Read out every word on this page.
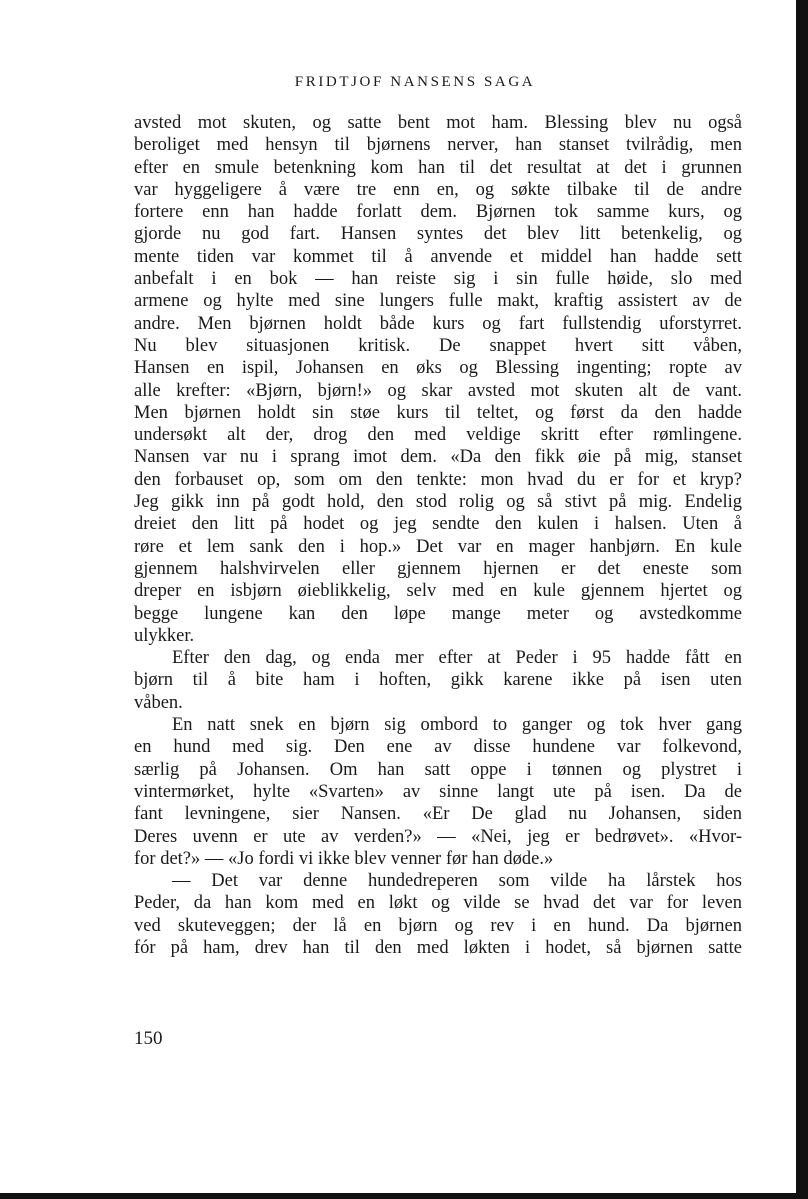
FRIDTJOF NANSENS SAGA
avsted mot skuten, og satte bent mot ham. Blessing blev nu også
beroliget med hensyn til bjørnens nerver, han stanset tvilrådig, men
efter en smule betenkning kom han til det resultat at det i grunnen
var hyggeligere å være tre enn en, og søkte tilbake til de andre
fortere enn han hadde forlatt dem. Bjørnen tok samme kurs, og
gjorde nu god fart. Hansen syntes det blev litt betenkelig, og
mente tiden var kommet til å anvende et middel han hadde sett
anbefalt i en bok — han reiste sig i sin fulle høide, slo med
armene og hylte med sine lungers fulle makt, kraftig assistert av de
andre. Men bjørnen holdt både kurs og fart fullstendig uforstyrret.
Nu blev situasjonen kritisk. De snappet hvert sitt våben,
Hansen en ispil, Johansen en øks og Blessing ingenting; ropte av
alle krefter: «Bjørn, bjørn!» og skar avsted mot skuten alt de vant.
Men bjørnen holdt sin støe kurs til teltet, og først da den hadde
undersøkt alt der, drog den med veldige skritt efter rømlingene.
Nansen var nu i sprang imot dem. «Da den fikk øie på mig, stanset
den forbauset op, som om den tenkte: mon hvad du er for et kryp?
Jeg gikk inn på godt hold, den stod rolig og så stivt på mig. Endelig
dreiet den litt på hodet og jeg sendte den kulen i halsen. Uten å
røre et lem sank den i hop.» Det var en mager hanbjørn. En kule
gjennem halshvirvelen eller gjennem hjernen er det eneste som
dreper en isbjørn øieblikkelig, selv med en kule gjennem hjertet og
begge lungene kan den løpe mange meter og avstedkomme
ulykker.
Efter den dag, og enda mer efter at Peder i 95 hadde fått en
bjørn til å bite ham i hoften, gikk karene ikke på isen uten
våben.
En natt snek en bjørn sig ombord to ganger og tok hver gang
en hund med sig. Den ene av disse hundene var folkevond,
særlig på Johansen. Om han satt oppe i tønnen og plystret i
vintermørket, hylte «Svarten» av sinne langt ute på isen. Da de
fant levningene, sier Nansen. «Er De glad nu Johansen, siden
Deres uvenn er ute av verden?» — «Nei, jeg er bedrøvet». «Hvor-
for det?» — «Jo fordi vi ikke blev venner før han døde.»
— Det var denne hundedreperen som vilde ha lårstek hos
Peder, da han kom med en løkt og vilde se hvad det var for leven
ved skuteveggen; der lå en bjørn og rev i en hund. Da bjørnen
fór på ham, drev han til den med løkten i hodet, så bjørnen satte
150
